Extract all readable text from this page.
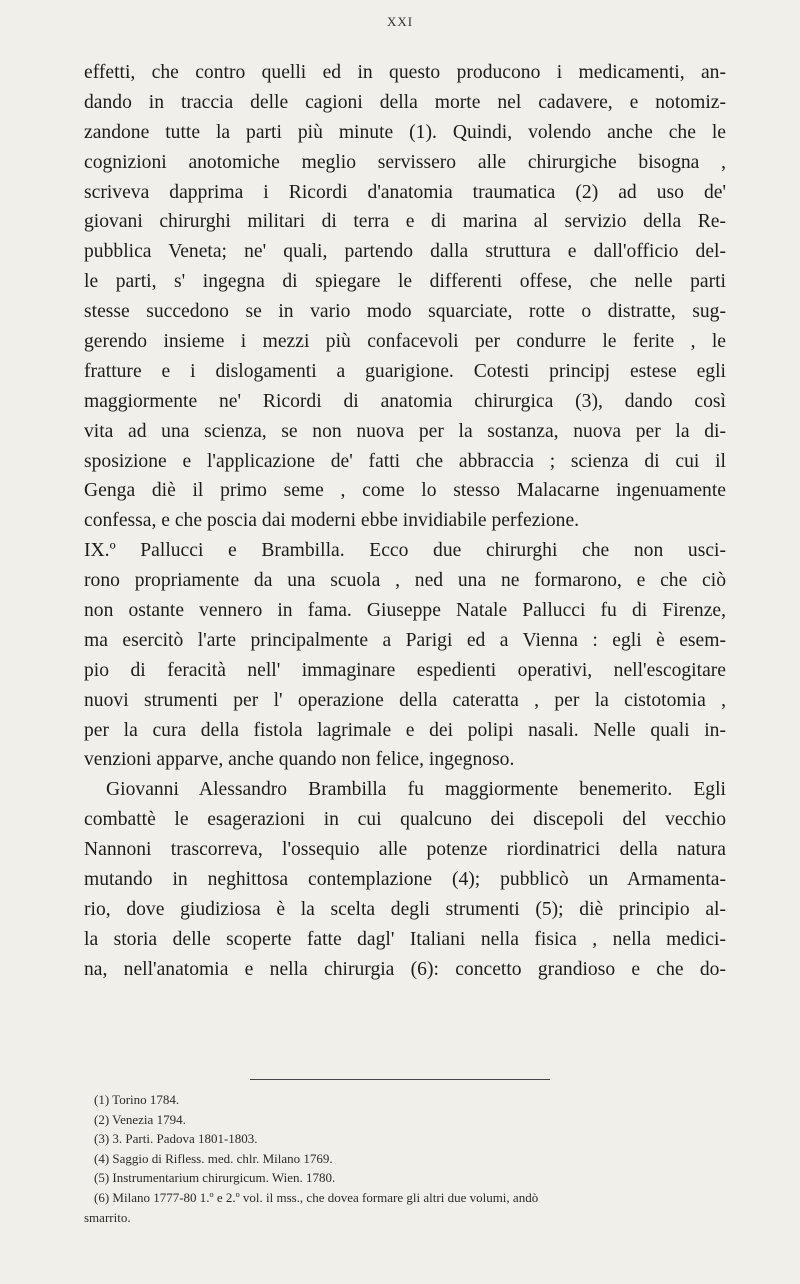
XXI
effetti, che contro quelli ed in questo producono i medicamenti, an-
dando in traccia delle cagioni della morte nel cadavere, e notomiz-
zandone tutte la parti più minute (1). Quindi, volendo anche che le
cognizioni anotomiche meglio servissero alle chirurgiche bisogna ,
scriveva dapprima i Ricordi d'anatomia traumatica (2) ad uso de'
giovani chirurghi militari di terra e di marina al servizio della Re-
pubblica Veneta; ne' quali, partendo dalla struttura e dall'officio del-
le parti, s' ingegna di spiegare le differenti offese, che nelle parti
stesse succedono se in vario modo squarciate, rotte o distratte, sug-
gerendo insieme i mezzi più confacevoli per condurre le ferite , le
fratture e i dislogamenti a guarigione. Cotesti principj estese egli
maggiormente ne' Ricordi di anatomia chirurgica (3), dando così
vita ad una scienza, se non nuova per la sostanza, nuova per la di-
sposizione e l'applicazione de' fatti che abbraccia ; scienza di cui il
Genga diè il primo seme , come lo stesso Malacarne ingenuamente
confessa, e che poscia dai moderni ebbe invidiabile perfezione.
IX.º Pallucci e Brambilla. Ecco due chirurghi che non usci-
rono propriamente da una scuola , ned una ne formarono, e che ciò
non ostante vennero in fama. Giuseppe Natale Pallucci fu di Firenze,
ma esercitò l'arte principalmente a Parigi ed a Vienna : egli è esem-
pio di feracità nell' immaginare espedienti operativi, nell'escogitare
nuovi strumenti per l' operazione della cateratta , per la cistotomia ,
per la cura della fistola lagrimale e dei polipi nasali. Nelle quali in-
venzioni apparve, anche quando non felice, ingegnoso.
Giovanni Alessandro Brambilla fu maggiormente benemerito. Egli
combattè le esagerazioni in cui qualcuno dei discepoli del vecchio
Nannoni trascorreva, l'ossequio alle potenze riordinatrici della natura
mutando in neghittosa contemplazione (4); pubblicò un Armamenta-
rio, dove giudiziosa è la scelta degli strumenti (5); diè principio al-
la storia delle scoperte fatte dagl' Italiani nella fisica , nella medici-
na, nell'anatomia e nella chirurgia (6): concetto grandioso e che do-
(1) Torino 1784.
(2) Venezia 1794.
(3) 3. Parti. Padova 1801-1803.
(4) Saggio di Rifless. med. chlr. Milano 1769.
(5) Instrumentarium chirurgicum. Wien. 1780.
(6) Milano 1777-80 1.º e 2.º vol. il mss., che dovea formare gli altri due volumi, andò
smarrito.
